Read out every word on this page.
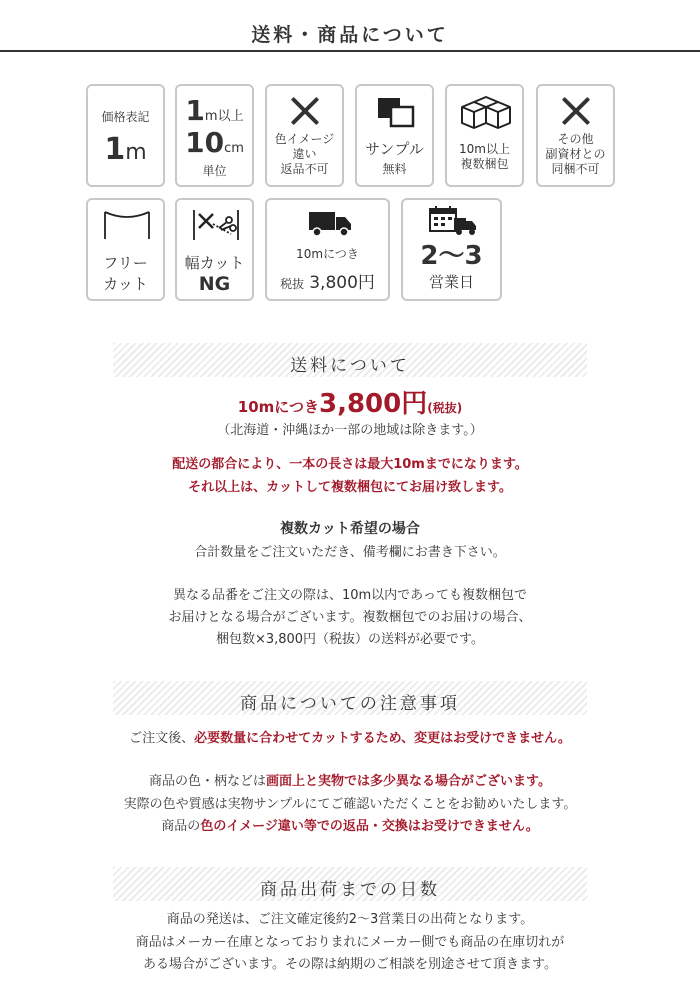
送料・商品について
価格表記
1m
1m以上
10cm
単位
色イメージ
違い
返品不可
サンプル
無料
10m以上
複数梱包
その他
副資材との
同梱不可
フリー
カット
幅カット
NG
10mにつき
税抜 3,800円
2〜3
営業日
送料について
10mにつき3,800円(税抜)
（北海道・沖縄ほか一部の地域は除きます。）
配送の都合により、一本の長さは最大10mまでになります。
それ以上は、カットして複数梱包にてお届け致します。
複数カット希望の場合
合計数量をご注文いただき、備考欄にお書き下さい。
異なる品番をご注文の際は、10m以内であっても複数梱包で
お届けとなる場合がございます。複数梱包でのお届けの場合、
梱包数×3,800円（税抜）の送料が必要です。
商品についての注意事項
ご注文後、必要数量に合わせてカットするため、変更はお受けできません。
商品の色・柄などは画面上と実物では多少異なる場合がございます。
実際の色や質感は実物サンプルにてご確認いただくことをお勧めいたします。
商品の色のイメージ違い等での返品・交換はお受けできません。
商品出荷までの日数
商品の発送は、ご注文確定後約2〜3営業日の出荷となります。
商品はメーカー在庫となっておりまれにメーカー側でも商品の在庫切れが
ある場合がございます。その際は納期のご相談を別途させて頂きます。
